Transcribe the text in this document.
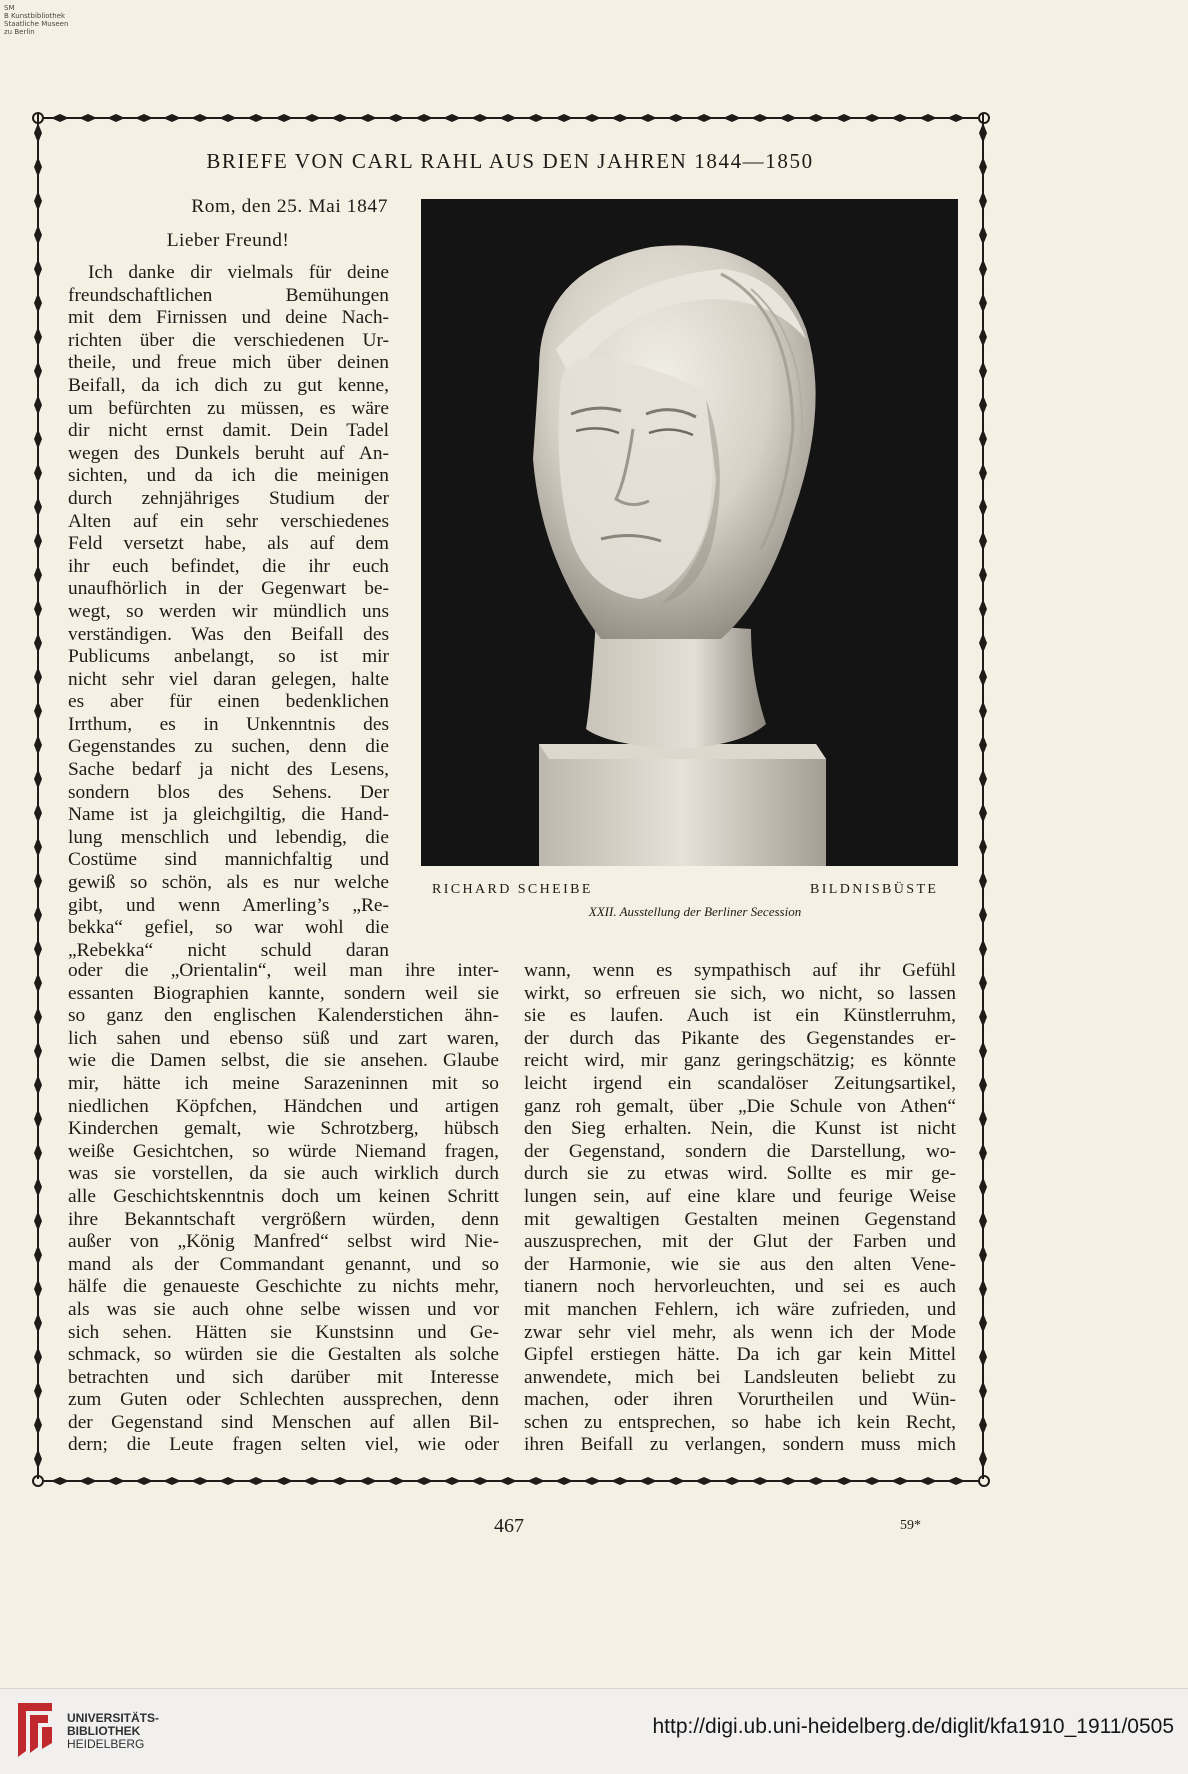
SM
B Kunstbibliothek
Staatliche Museen
zu Berlin
BRIEFE VON CARL RAHL AUS DEN JAHREN 1844—1850
Rom, den 25. Mai 1847
Lieber Freund!
Ich danke dir vielmals für deine
freundschaftlichen Bemühungen
mit dem Firnissen und deine Nach-
richten über die verschiedenen Ur-
theile, und freue mich über deinen
Beifall, da ich dich zu gut kenne,
um befürchten zu müssen, es wäre
dir nicht ernst damit. Dein Tadel
wegen des Dunkels beruht auf An-
sichten, und da ich die meinigen
durch zehnjähriges Studium der
Alten auf ein sehr verschiedenes
Feld versetzt habe, als auf dem
ihr euch befindet, die ihr euch
unaufhörlich in der Gegenwart be-
wegt, so werden wir mündlich uns
verständigen. Was den Beifall des
Publicums anbelangt, so ist mir
nicht sehr viel daran gelegen, halte
es aber für einen bedenklichen
Irrthum, es in Unkenntnis des
Gegenstandes zu suchen, denn die
Sache bedarf ja nicht des Lesens,
sondern blos des Sehens. Der
Name ist ja gleichgiltig, die Hand-
lung menschlich und lebendig, die
Costüme sind mannichfaltig und
gewiß so schön, als es nur welche
gibt, und wenn Amerling’s „Re-
bekka“ gefiel, so war wohl die
„Rebekka“ nicht schuld daran
oder die „Orientalin“, weil man ihre inter-
essanten Biographien kannte, sondern weil sie
so ganz den englischen Kalenderstichen ähn-
lich sahen und ebenso süß und zart waren,
wie die Damen selbst, die sie ansehen. Glaube
mir, hätte ich meine Sarazeninnen mit so
niedlichen Köpfchen, Händchen und artigen
Kinderchen gemalt, wie Schrotzberg, hübsch
weiße Gesichtchen, so würde Niemand fragen,
was sie vorstellen, da sie auch wirklich durch
alle Geschichtskenntnis doch um keinen Schritt
ihre Bekanntschaft vergrößern würden, denn
außer von „König Manfred“ selbst wird Nie-
mand als der Commandant genannt, und so
hälfe die genaueste Geschichte zu nichts mehr,
als was sie auch ohne selbe wissen und vor
sich sehen. Hätten sie Kunstsinn und Ge-
schmack, so würden sie die Gestalten als solche
betrachten und sich darüber mit Interesse
zum Guten oder Schlechten aussprechen, denn
der Gegenstand sind Menschen auf allen Bil-
dern; die Leute fragen selten viel, wie oder
wann, wenn es sympathisch auf ihr Gefühl
wirkt, so erfreuen sie sich, wo nicht, so lassen
sie es laufen. Auch ist ein Künstlerruhm,
der durch das Pikante des Gegenstandes er-
reicht wird, mir ganz geringschätzig; es könnte
leicht irgend ein scandalöser Zeitungsartikel,
ganz roh gemalt, über „Die Schule von Athen“
den Sieg erhalten. Nein, die Kunst ist nicht
der Gegenstand, sondern die Darstellung, wo-
durch sie zu etwas wird. Sollte es mir ge-
lungen sein, auf eine klare und feurige Weise
mit gewaltigen Gestalten meinen Gegenstand
auszusprechen, mit der Glut der Farben und
der Harmonie, wie sie aus den alten Vene-
tianern noch hervorleuchten, und sei es auch
mit manchen Fehlern, ich wäre zufrieden, und
zwar sehr viel mehr, als wenn ich der Mode
Gipfel erstiegen hätte. Da ich gar kein Mittel
anwendete, mich bei Landsleuten beliebt zu
machen, oder ihren Vorurtheilen und Wün-
schen zu entsprechen, so habe ich kein Recht,
ihren Beifall zu verlangen, sondern muss mich
RICHARD SCHEIBE	BILDNISBÜSTE
XXII. Ausstellung der Berliner Secession
467	59*
UNIVERSITÄTS-
BIBLIOTHEK
HEIDELBERG
http://digi.ub.uni-heidelberg.de/diglit/kfa1910_1911/0505
